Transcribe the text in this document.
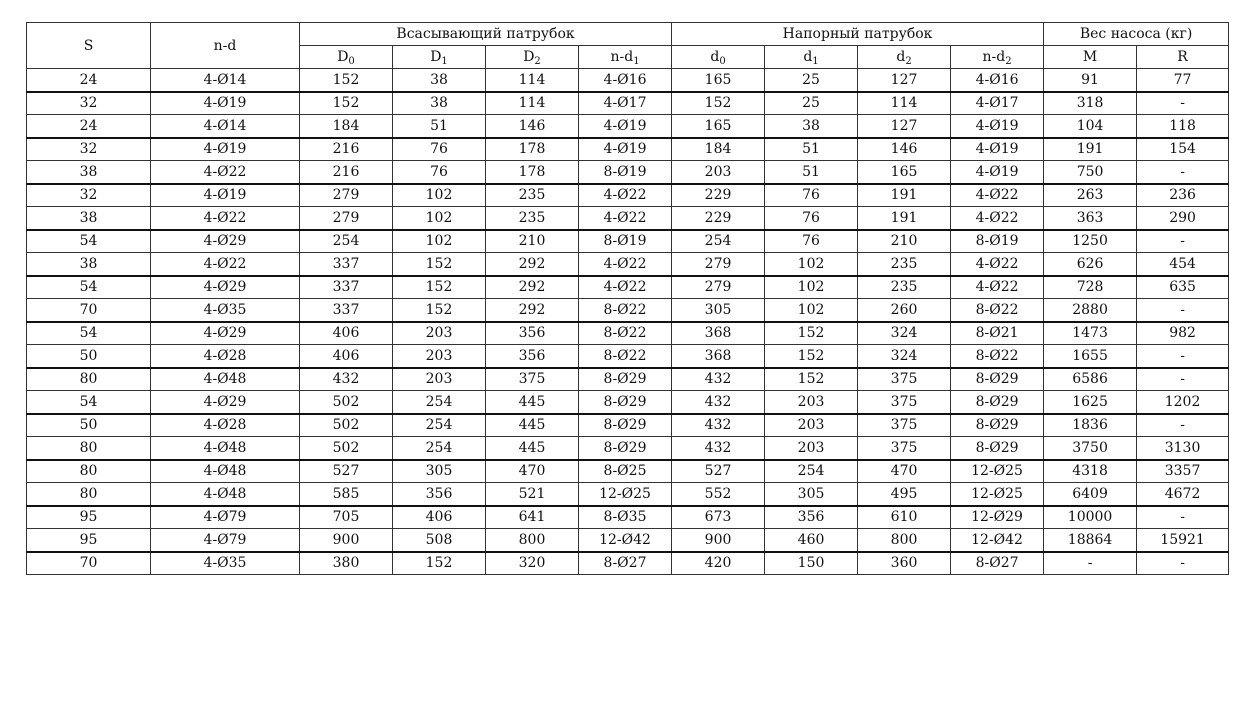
S	n-d	Всасывающий патрубок				Напорный патрубок				Вес насоса (кг)	
		$D_0$	$D_1$	$D_2$	$n-d_1$	$d_0$	$d_1$	$d_2$	$n-d_2$	M	R
24	4-Ø14	152	38	114	4-Ø16	165	25	127	4-Ø16	91	77
32	4-Ø19	152	38	114	4-Ø17	152	25	114	4-Ø17	318	-
24	4-Ø14	184	51	146	4-Ø19	165	38	127	4-Ø19	104	118
32	4-Ø19	216	76	178	4-Ø19	184	51	146	4-Ø19	191	154
38	4-Ø22	216	76	178	8-Ø19	203	51	165	4-Ø19	750	-
32	4-Ø19	279	102	235	4-Ø22	229	76	191	4-Ø22	263	236
38	4-Ø22	279	102	235	4-Ø22	229	76	191	4-Ø22	363	290
54	4-Ø29	254	102	210	8-Ø19	254	76	210	8-Ø19	1250	-
38	4-Ø22	337	152	292	4-Ø22	279	102	235	4-Ø22	626	454
54	4-Ø29	337	152	292	4-Ø22	279	102	235	4-Ø22	728	635
70	4-Ø35	337	152	292	8-Ø22	305	102	260	8-Ø22	2880	-
54	4-Ø29	406	203	356	8-Ø22	368	152	324	8-Ø21	1473	982
50	4-Ø28	406	203	356	8-Ø22	368	152	324	8-Ø22	1655	-
80	4-Ø48	432	203	375	8-Ø29	432	152	375	8-Ø29	6586	-
54	4-Ø29	502	254	445	8-Ø29	432	203	375	8-Ø29	1625	1202
50	4-Ø28	502	254	445	8-Ø29	432	203	375	8-Ø29	1836	-
80	4-Ø48	502	254	445	8-Ø29	432	203	375	8-Ø29	3750	3130
80	4-Ø48	527	305	470	8-Ø25	527	254	470	12-Ø25	4318	3357
80	4-Ø48	585	356	521	12-Ø25	552	305	495	12-Ø25	6409	4672
95	4-Ø79	705	406	641	8-Ø35	673	356	610	12-Ø29	10000	-
95	4-Ø79	900	508	800	12-Ø42	900	460	800	12-Ø42	18864	15921
70	4-Ø35	380	152	320	8-Ø27	420	150	360	8-Ø27	-	-
